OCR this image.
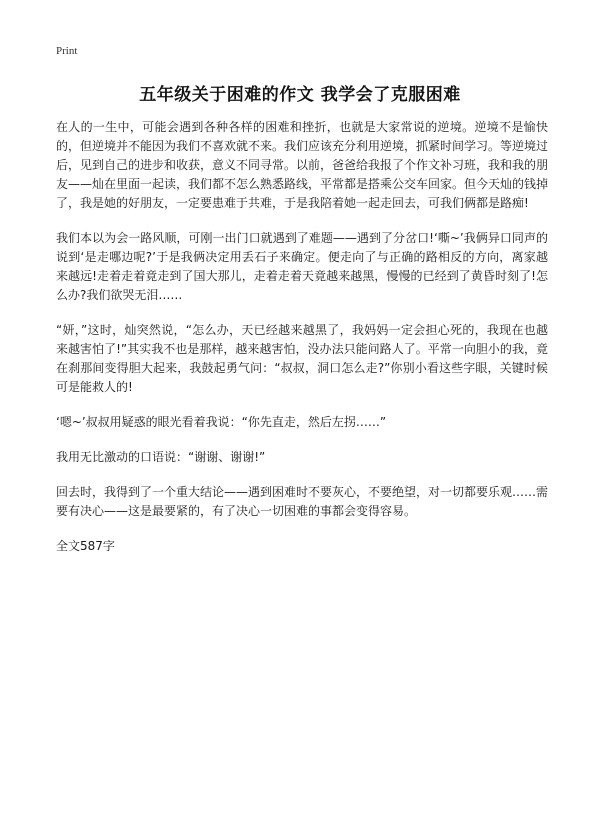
Print
五年级关于困难的作文 我学会了克服困难

在人的一生中，可能会遇到各种各样的困难和挫折，也就是大家常说的逆境。逆境不是愉快的，但逆境并不能因为我们不喜欢就不来。我们应该充分利用逆境，抓紧时间学习。等逆境过后，见到自己的进步和收获，意义不同寻常。以前，爸爸给我报了个作文补习班，我和我的朋友——灿在里面一起读，我们都不怎么熟悉路线，平常都是搭乘公交车回家。但今天灿的钱掉了，我是她的好朋友，一定要患难于共难，于是我陪着她一起走回去，可我们俩都是路痴!

我们本以为会一路风顺，可刚一出门口就遇到了难题——遇到了分岔口!‘嘶~’我俩异口同声的说到‘是走哪边呢?’于是我俩决定用丢石子来确定。便走向了与正确的路相反的方向，离家越来越远!走着走着竟走到了国大那儿，走着走着天竟越来越黑，慢慢的已经到了黄昏时刻了!怎么办?我们欲哭无泪……

“妍，”这时，灿突然说，“怎么办，天已经越来越黑了，我妈妈一定会担心死的，我现在也越来越害怕了!”其实我不也是那样，越来越害怕，没办法只能问路人了。平常一向胆小的我，竟在刹那间变得胆大起来，我鼓起勇气问：“叔叔，洞口怎么走?”你别小看这些字眼，关键时候可是能救人的!

‘嗯~’叔叔用疑惑的眼光看着我说：“你先直走，然后左拐……”

我用无比激动的口语说：“谢谢、谢谢!”

回去时，我得到了一个重大结论——遇到困难时不要灰心，不要绝望，对一切都要乐观……需要有决心——这是最要紧的，有了决心一切困难的事都会变得容易。

全文587字
